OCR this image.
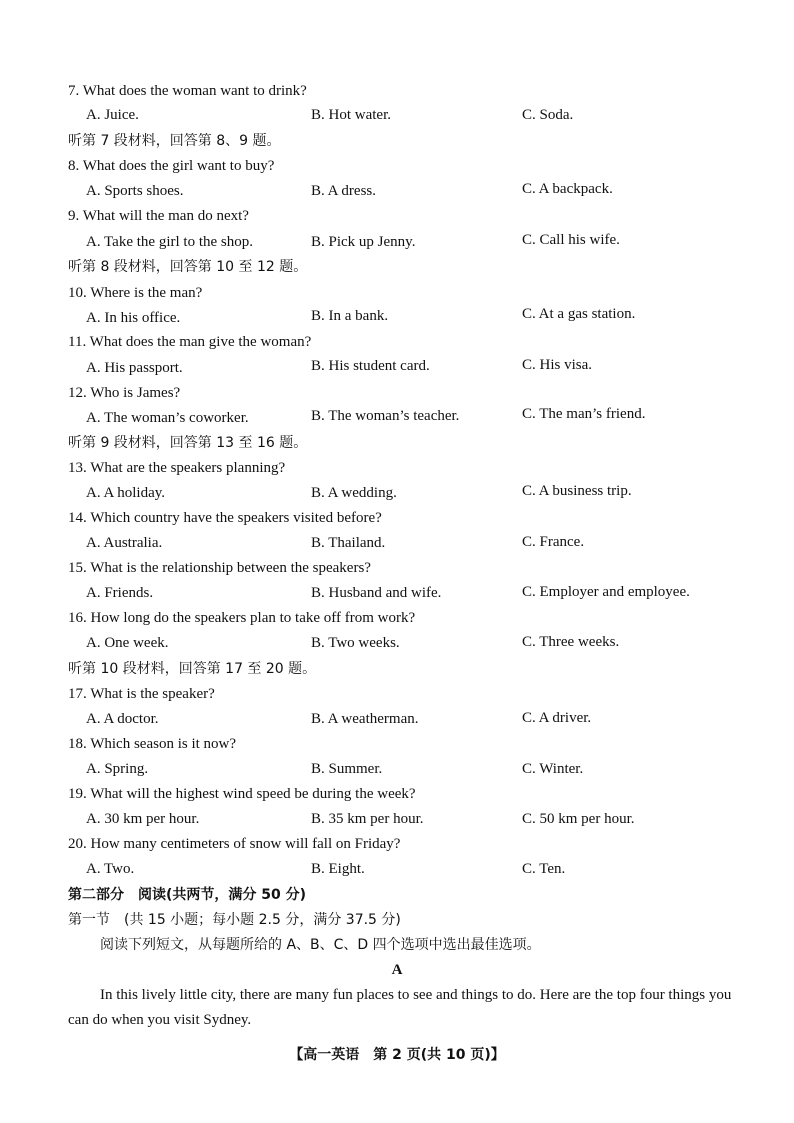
7. What does the woman want to drink?
A. Juice.	B. Hot water.	C. Soda.
听第 7 段材料，回答第 8、9 题。
8. What does the girl want to buy?
A. Sports shoes.	B. A dress.	C. A backpack.
9. What will the man do next?
A. Take the girl to the shop.	B. Pick up Jenny.	C. Call his wife.
听第 8 段材料，回答第 10 至 12 题。
10. Where is the man?
A. In his office.	B. In a bank.	C. At a gas station.
11. What does the man give the woman?
A. His passport.	B. His student card.	C. His visa.
12. Who is James?
A. The woman’s coworker.	B. The woman’s teacher.	C. The man’s friend.
听第 9 段材料，回答第 13 至 16 题。
13. What are the speakers planning?
A. A holiday.	B. A wedding.	C. A business trip.
14. Which country have the speakers visited before?
A. Australia.	B. Thailand.	C. France.
15. What is the relationship between the speakers?
A. Friends.	B. Husband and wife.	C. Employer and employee.
16. How long do the speakers plan to take off from work?
A. One week.	B. Two weeks.	C. Three weeks.
听第 10 段材料，回答第 17 至 20 题。
17. What is the speaker?
A. A doctor.	B. A weatherman.	C. A driver.
18. Which season is it now?
A. Spring.	B. Summer.	C. Winter.
19. What will the highest wind speed be during the week?
A. 30 km per hour.	B. 35 km per hour.	C. 50 km per hour.
20. How many centimeters of snow will fall on Friday?
A. Two.	B. Eight.	C. Ten.
第二部分　阅读(共两节，满分 50 分)
第一节　(共 15 小题；每小题 2.5 分，满分 37.5 分)
阅读下列短文，从每题所给的 A、B、C、D 四个选项中选出最佳选项。
A
In this lively little city, there are many fun places to see and things to do. Here are the top four things you can do when you visit Sydney.
【高一英语　第 2 页(共 10 页)】
